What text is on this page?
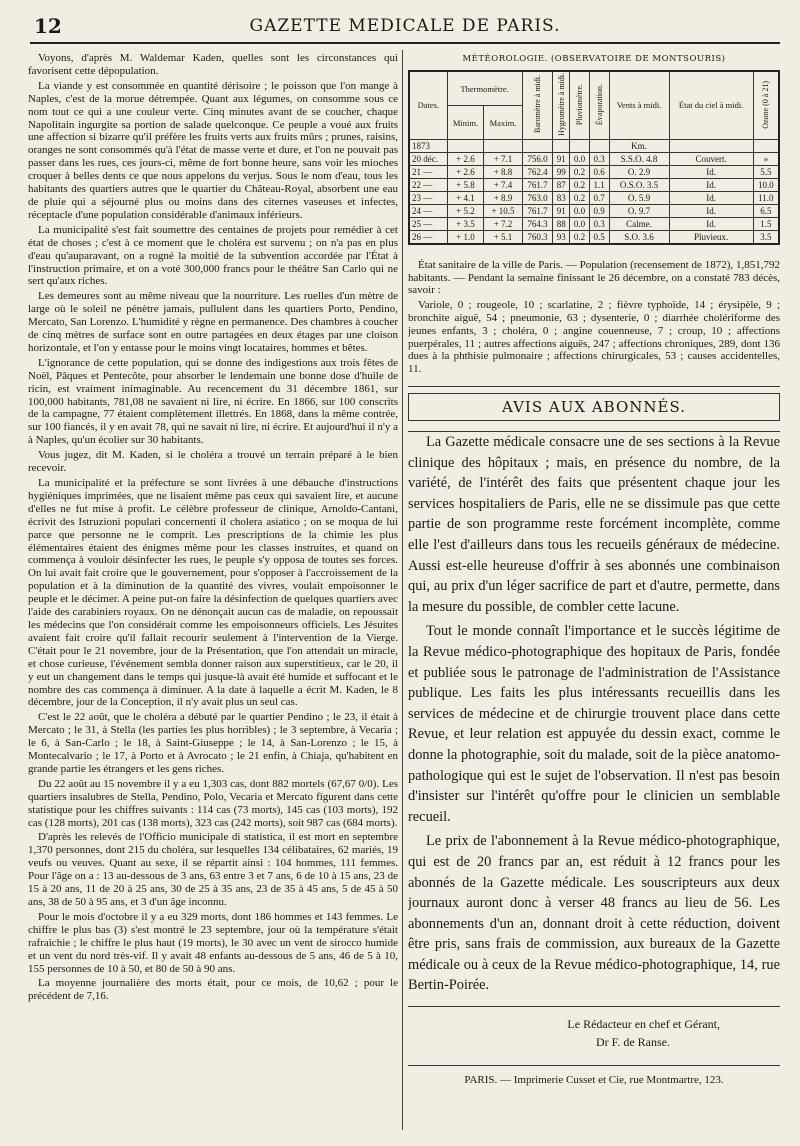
12	GAZETTE MEDICALE DE PARIS.

Voyons, d'après M. Waldemar Kaden, quelles sont les circonstances qui favorisent cette dépopulation.

La viande y est consommée en quantité dérisoire ; le poisson que l'on mange à Naples, c'est de la morue détrempée. Quant aux légumes, on consomme sous ce nom tout ce qui a une couleur verte. Cinq minutes avant de se coucher, chaque Napolitain ingurgite sa portion de salade quelconque. Ce peuple a voué aux fruits une affection si bizarre qu'il préfère les fruits verts aux fruits mûrs ; prunes, raisins, oranges ne sont consommés qu'à l'état de masse verte et dure, et l'on ne pouvait pas passer dans les rues, ces jours-ci, même de fort bonne heure, sans voir les mioches croquer à belles dents ce que nous appelons du verjus. Sous le nom d'eau, tous les habitants des quartiers autres que le quartier du Château-Royal, absorbent une eau de pluie qui a séjourné plus ou moins dans des citernes vaseuses et infectes, réceptacle d'une population considérable d'animaux inférieurs.

La municipalité s'est fait soumettre des centaines de projets pour remédier à cet état de choses ; c'est à ce moment que le choléra est survenu ; on n'a pas en plus d'eau qu'auparavant, on a rogné la moitié de la subvention accordée par l'État à l'instruction primaire, et on a voté 300,000 francs pour le théâtre San Carlo qui ne sert qu'aux riches.

Les demeures sont au même niveau que la nourriture. Les ruelles d'un mètre de large où le soleil ne pénètre jamais, pullulent dans les quartiers Porto, Pendino, Mercato, San Lorenzo. L'humidité y règne en permanence. Des chambres à coucher de cinq mètres de surface sont en outre partagées en deux étages par une cloison horizontale, et l'on y entasse pour le moins vingt locataires, hommes et bêtes.

L'ignorance de cette population, qui se donne des indigestions aux trois fêtes de Noël, Pâques et Pentecôte, pour absorber le lendemain une bonne dose d'huile de ricin, est vraiment inimaginable. Au recencement du 31 décembre 1861, sur 100,000 habitants, 781,08 ne savaient ni lire, ni écrire. En 1866, sur 100 conscrits de la campagne, 77 étaient complètement illettrés. En 1868, dans la même contrée, sur 100 fiancés, il y en avait 78, qui ne savait ni lire, ni écrire. Et aujourd'hui il n'y a à Naples, qu'un écolier sur 30 habitants.

Vous jugez, dit M. Kaden, si le choléra a trouvé un terrain préparé à le bien recevoir.

La municipalité et la préfecture se sont livrées à une débauche d'instructions hygiéniques imprimées, que ne lisaient même pas ceux qui savaient lire, et aucune d'elles ne fut mise à profit. Le célèbre professeur de clinique, Arnoldo-Cantani, écrivit des Istruzioni populari concernenti il cholera asiatico ; on se moqua de lui parce que personne ne le comprit. Les prescriptions de la chimie les plus élémentaires étaient des énigmes même pour les classes instruites, et quand on commença à vouloir désinfecter les rues, le peuple s'y opposa de toutes ses forces. On lui avait fait croire que le gouvernement, pour s'opposer à l'accroissement de la population et à la diminution de la quantité des vivres, voulait empoisonner le peuple et le décimer. A peine put-on faire la désinfection de quelques quartiers avec l'aide des carabiniers royaux. On ne dénonçait aucun cas de maladie, on repoussait les médecins que l'on considérait comme les empoisonneurs officiels. Les Jésuites avaient fait croire qu'il fallait recourir seulement à l'intervention de la Vierge. C'était pour le 21 novembre, jour de la Présentation, que l'on attendait un miracle, et chose curieuse, l'événement sembla donner raison aux superstitieux, car le 20, il y eut un changement dans le temps qui jusque-là avait été humide et suffocant et le nombre des cas commença à diminuer. A la date à laquelle a écrit M. Kaden, le 8 décembre, jour de la Conception, il n'y avait plus un seul cas.

C'est le 22 août, que le choléra a débuté par le quartier Pendino ; le 23, il était à Mercato ; le 31, à Stella (les parties les plus horribles) ; le 3 septembre, à Vecaria ; le 6, à San-Carlo ; le 18, à Saint-Giuseppe ; le 14, à San-Lorenzo ; le 15, à Montecalvario ; le 17, à Porto et à Avrocato ; le 21 enfin, à Chiaja, qu'habitent en grande partie les étrangers et les gens riches.

Du 22 août au 15 novembre il y a eu 1,303 cas, dont 882 mortels (67,67 0/0). Les quartiers insalubres de Stella, Pendino, Polo, Vecaria et Mercato figurent dans cette statistique pour les chiffres suivants : 114 cas (73 morts), 145 cas (103 morts), 192 cas (128 morts), 201 cas (138 morts), 323 cas (242 morts), soit 987 cas (684 morts).

D'après les relevés de l'Officio municipale di statistica, il est mort en septembre 1,370 personnes, dont 215 du choléra, sur lesquelles 134 célibataires, 62 mariés, 19 veufs ou veuves. Quant au sexe, il se répartit ainsi : 104 hommes, 111 femmes. Pour l'âge on a : 13 au-dessous de 3 ans, 63 entre 3 et 7 ans, 6 de 10 à 15 ans, 23 de 15 à 20 ans, 11 de 20 à 25 ans, 30 de 25 à 35 ans, 23 de 35 à 45 ans, 5 de 45 à 50 ans, 38 de 50 à 95 ans, et 3 d'un âge inconnu.

Pour le mois d'octobre il y a eu 329 morts, dont 186 hommes et 143 femmes. Le chiffre le plus bas (3) s'est montré le 23 septembre, jour où la température s'était rafraichie ; le chiffre le plus haut (19 morts), le 30 avec un vent de sirocco humide et un vent du nord très-vif. Il y avait 48 enfants au-dessous de 5 ans, 46 de 5 à 10, 155 personnes de 10 à 50, et 80 de 50 à 90 ans.

La moyenne journalière des morts était, pour ce mois, de 10,62 ; pour le précédent de 7,16.

MÉTÉOROLOGIE. (OBSERVATOIRE DE MONTSOURIS)
Dates.	Thermomètre.		Baromètre à midi.	Hygromètre à midi.	Pluviomètre.	Évaporation.	Vents à midi.	État du ciel à midi.	Ozone (0 à 21)
	Minim.	Maxim.							
1873							Km.		
20 déc.	+ 2.6	+ 7.1	756.0	91	0.0	0.3	S.S.O. 4.8	Couvert.	»
21 —	+ 2.6	+ 8.8	762.4	99	0.2	0.6	O. 2.9	Id.	5.5
22 —	+ 5.8	+ 7.4	761.7	87	0.2	1.1	O.S.O. 3.5	Id.	10.0
23 —	+ 4.1	+ 8.9	763.0	83	0.2	0.7	O. 5.9	Id.	11.0
24 —	+ 5.2	+ 10.5	761.7	91	0.0	0.9	O. 9.7	Id.	6.5
25 —	+ 3.5	+ 7.2	764.3	88	0.0	0.3	Calme.	Id.	1.5
26 —	+ 1.0	+ 5.1	760.3	93	0.2	0.5	S.O. 3.6	Pluvieux.	3.5

État sanitaire de la ville de Paris. — Population (recensement de 1872), 1,851,792 habitants. — Pendant la semaine finissant le 26 décembre, on a constaté 783 décès, savoir :

Variole, 0 ; rougeole, 10 ; scarlatine, 2 ; fièvre typhoïde, 14 ; érysipèle, 9 ; bronchite aiguë, 54 ; pneumonie, 63 ; dysenterie, 0 ; diarrhée cholériforme des jeunes enfants, 3 ; choléra, 0 ; angine couenneuse, 7 ; croup, 10 ; affections puerpérales, 11 ; autres affections aiguës, 247 ; affections chroniques, 289, dont 136 dues à la phthisie pulmonaire ; affections chirurgicales, 53 ; causes accidentelles, 11.

AVIS AUX ABONNÉS.

La Gazette médicale consacre une de ses sections à la Revue clinique des hôpitaux ; mais, en présence du nombre, de la variété, de l'intérêt des faits que présentent chaque jour les services hospitaliers de Paris, elle ne se dissimule pas que cette partie de son programme reste forcément incomplète, comme elle l'est d'ailleurs dans tous les recueils généraux de médecine. Aussi est-elle heureuse d'offrir à ses abonnés une combinaison qui, au prix d'un léger sacrifice de part et d'autre, permette, dans la mesure du possible, de combler cette lacune.

Tout le monde connaît l'importance et le succès légitime de la Revue médico-photographique des hopitaux de Paris, fondée et publiée sous le patronage de l'administration de l'Assistance publique. Les faits les plus intéressants recueillis dans les services de médecine et de chirurgie trouvent place dans cette Revue, et leur relation est appuyée du dessin exact, comme le donne la photographie, soit du malade, soit de la pièce anatomo-pathologique qui est le sujet de l'observation. Il n'est pas besoin d'insister sur l'intérêt qu'offre pour le clinicien un semblable recueil.

Le prix de l'abonnement à la Revue médico-photographique, qui est de 20 francs par an, est réduit à 12 francs pour les abonnés de la Gazette médicale. Les souscripteurs aux deux journaux auront donc à verser 48 francs au lieu de 56. Les abonnements d'un an, donnant droit à cette réduction, doivent être pris, sans frais de commission, aux bureaux de la Gazette médicale ou à ceux de la Revue médico-photographique, 14, rue Bertin-Poirée.

Le Rédacteur en chef et Gérant,
Dr F. de Ranse.
PARIS. — Imprimerie Cusset et Cie, rue Montmartre, 123.
